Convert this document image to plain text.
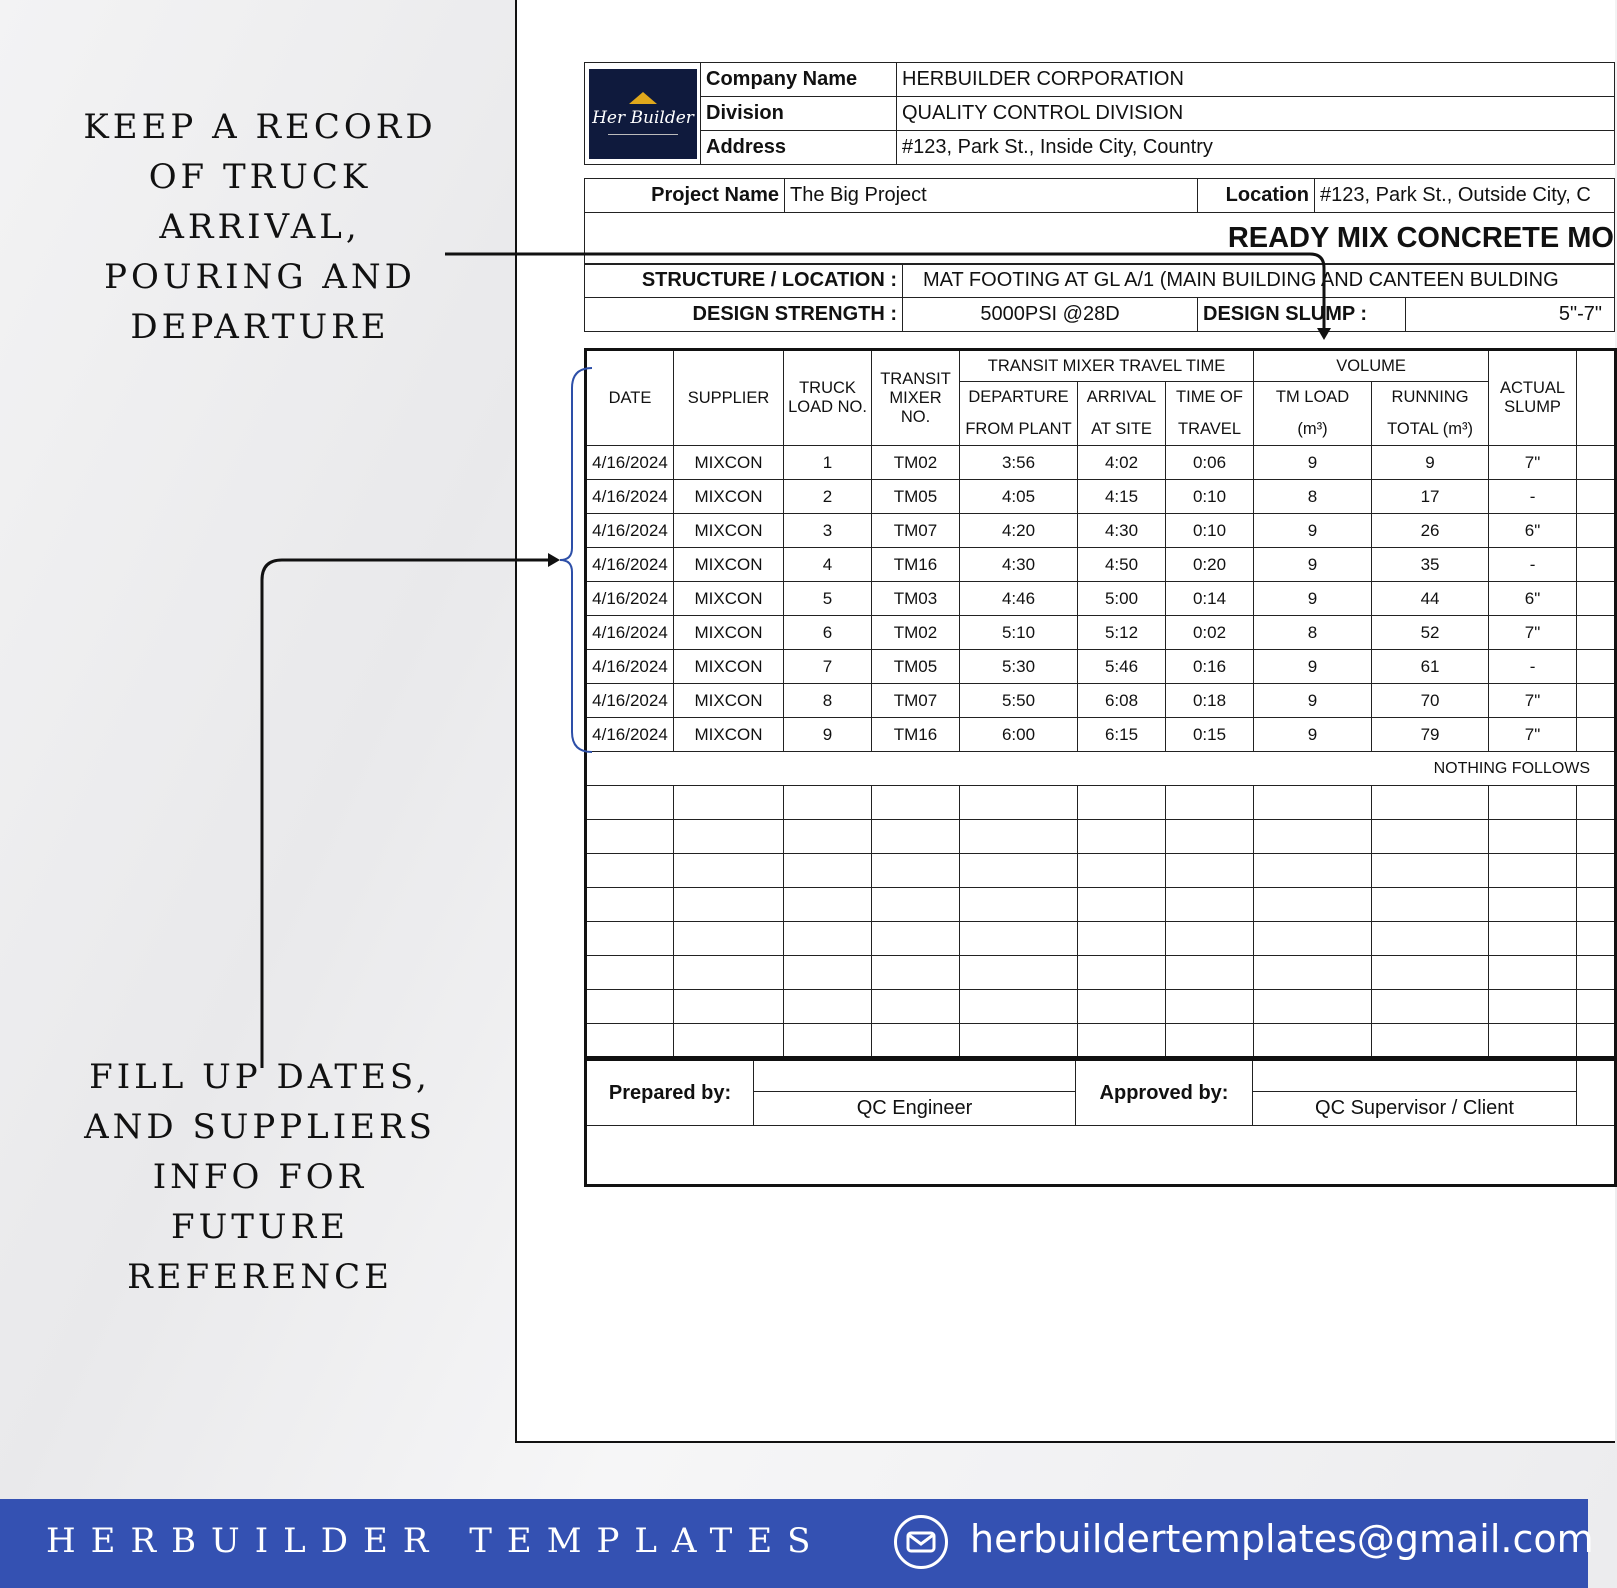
KEEP A RECORD OF TRUCK ARRIVAL, POURING AND DEPARTURE
FILL UP DATES, AND SUPPLIERS INFO FOR FUTURE REFERENCE
Her Builder	Company Name	HERBUILDER CORPORATION
	Division	QUALITY CONTROL DIVISION
	Address	#123, Park St., Inside City, Country
Project Name	The Big Project	Location	#123, Park St., Outside City, C
READY MIX CONCRETE MO
STRUCTURE / LOCATION :	MAT FOOTING AT GL A/1 (MAIN BUILDING AND CANTEEN BULDING		
DESIGN STRENGTH :	5000PSI @28D	DESIGN SLUMP :	5"-7"
DATE	SUPPLIER	TRUCK LOAD NO.	TRANSIT MIXER NO.	TRANSIT MIXER TRAVEL TIME			VOLUME		ACTUAL SLUMP	
				DEPARTURE	ARRIVAL	TIME OF	TM LOAD	RUNNING		
				FROM PLANT	AT SITE	TRAVEL	(m³)	TOTAL (m³)		
4/16/2024	MIXCON	1	TM02	3:56	4:02	0:06	9	9	7"	
4/16/2024	MIXCON	2	TM05	4:05	4:15	0:10	8	17	-	
4/16/2024	MIXCON	3	TM07	4:20	4:30	0:10	9	26	6"	
4/16/2024	MIXCON	4	TM16	4:30	4:50	0:20	9	35	-	
4/16/2024	MIXCON	5	TM03	4:46	5:00	0:14	9	44	6"	
4/16/2024	MIXCON	6	TM02	5:10	5:12	0:02	8	52	7"	
4/16/2024	MIXCON	7	TM05	5:30	5:46	0:16	9	61	-	
4/16/2024	MIXCON	8	TM07	5:50	6:08	0:18	9	70	7"	
4/16/2024	MIXCON	9	TM16	6:00	6:15	0:15	9	79	7"	
NOTHING FOLLOWS										

Prepared by:		Approved by:		
	QC Engineer		QC Supervisor / Client	

HERBUILDER TEMPLATES	herbuildertemplates@gmail.com
